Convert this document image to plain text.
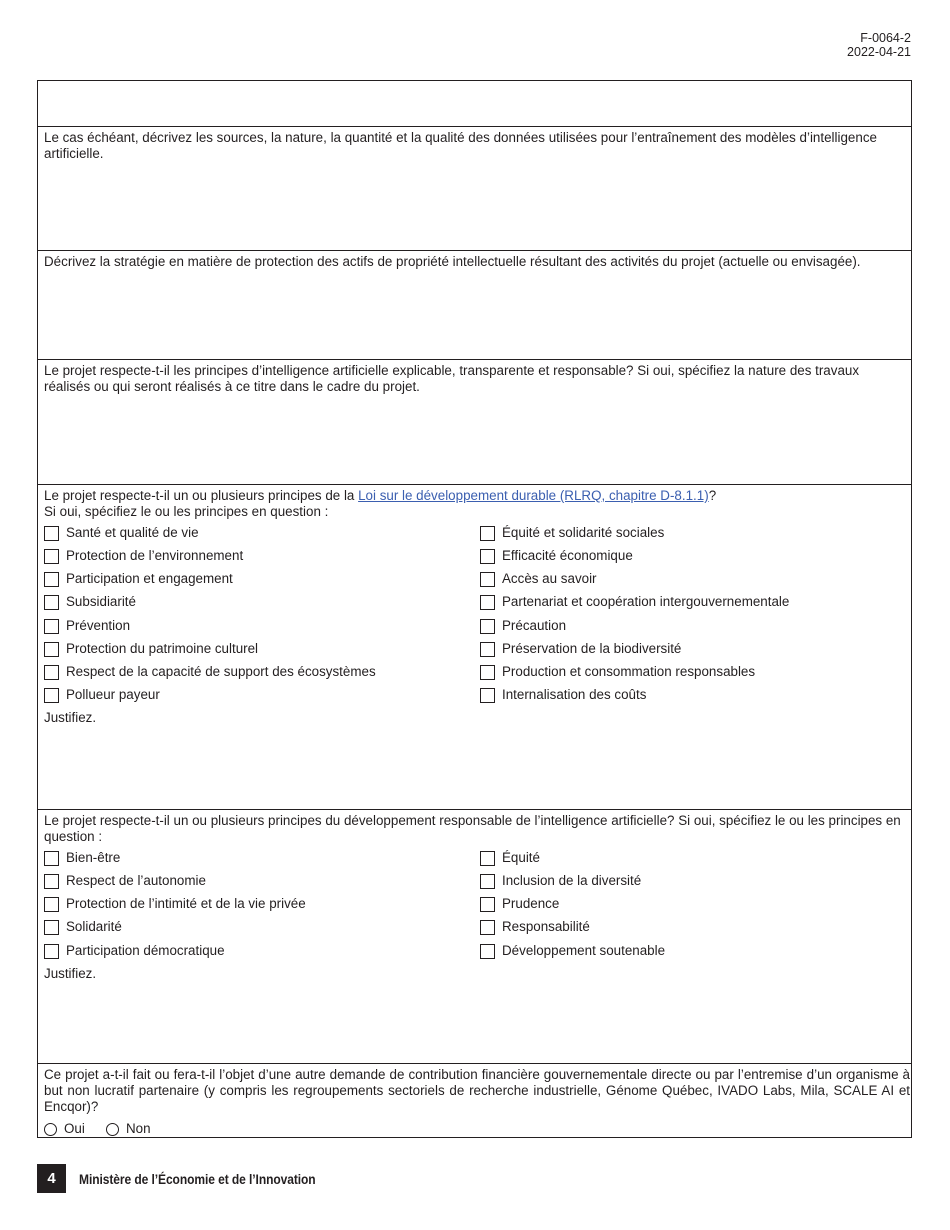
F-0064-2
2022-04-21
Le cas échéant, décrivez les sources, la nature, la quantité et la qualité des données utilisées pour l’entraînement des modèles d’intelligence artificielle.
Décrivez la stratégie en matière de protection des actifs de propriété intellectuelle résultant des activités du projet (actuelle ou envisagée).
Le projet respecte-t-il les principes d’intelligence artificielle explicable, transparente et responsable? Si oui, spécifiez la nature des travaux réalisés ou qui seront réalisés à ce titre dans le cadre du projet.
Le projet respecte-t-il un ou plusieurs principes de la Loi sur le développement durable (RLRQ, chapitre D-8.1.1)?
Si oui, spécifiez le ou les principes en question :
Santé et qualité de vie
Protection de l’environnement
Participation et engagement
Subsidiarité
Prévention
Protection du patrimoine culturel
Respect de la capacité de support des écosystèmes
Pollueur payeur
Équité et solidarité sociales
Efficacité économique
Accès au savoir
Partenariat et coopération intergouvernementale
Précaution
Préservation de la biodiversité
Production et consommation responsables
Internalisation des coûts
Justifiez.
Le projet respecte-t-il un ou plusieurs principes du développement responsable de l’intelligence artificielle? Si oui, spécifiez le ou les principes en question :
Bien-être
Respect de l’autonomie
Protection de l’intimité et de la vie privée
Solidarité
Participation démocratique
Équité
Inclusion de la diversité
Prudence
Responsabilité
Développement soutenable
Justifiez.
Ce projet a-t-il fait ou fera-t-il l’objet d’une autre demande de contribution financière gouvernementale directe ou par l’entremise d’un organisme à but non lucratif partenaire (y compris les regroupements sectoriels de recherche industrielle, Génome Québec, IVADO Labs, Mila, SCALE AI et Encqor)?
Oui	Non
4	Ministère de l’Économie et de l’Innovation
